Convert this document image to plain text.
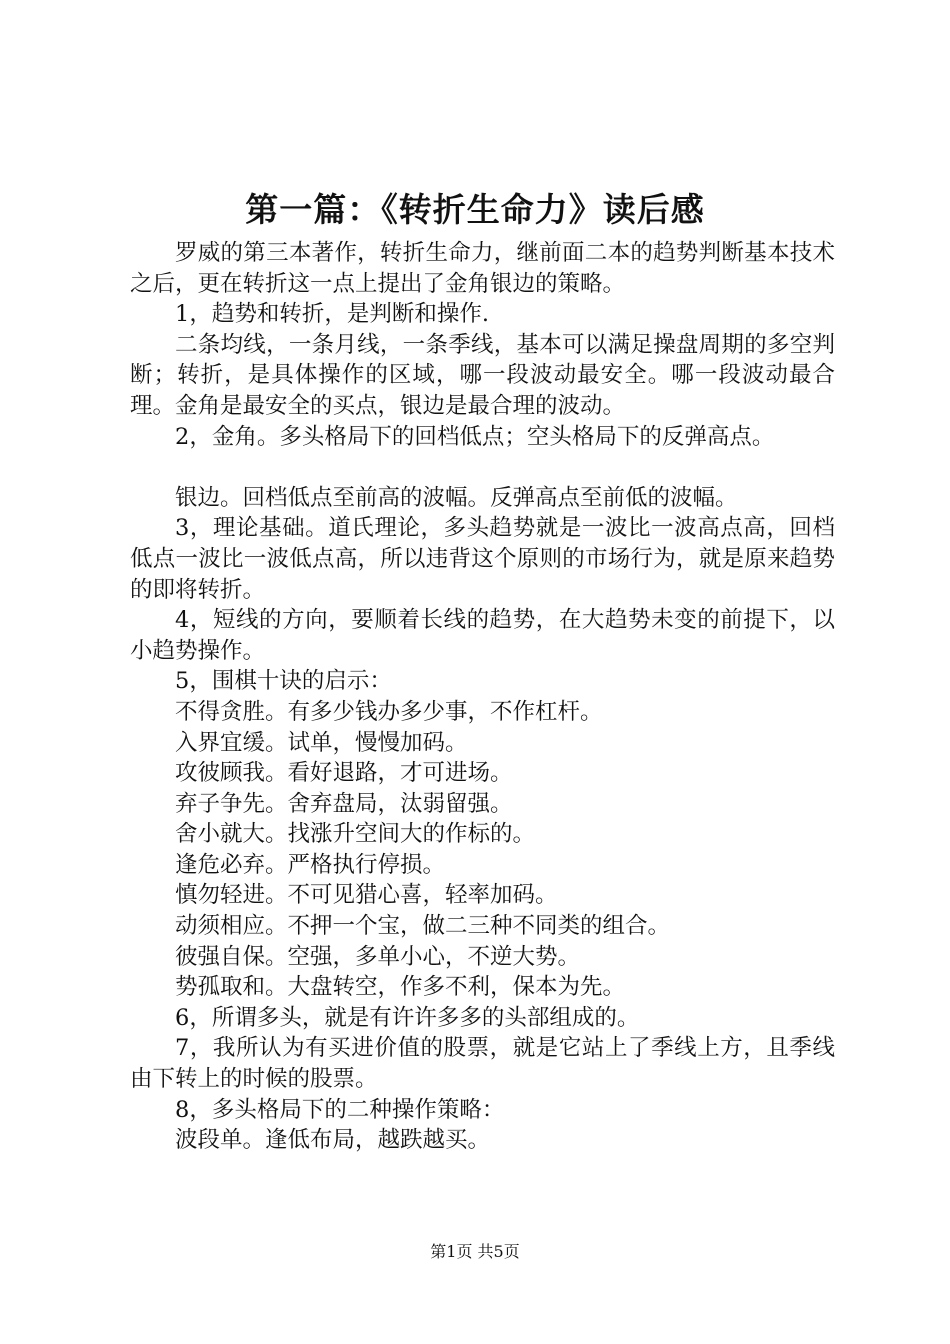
第一篇：《转折生命力》读后感

罗威的第三本著作，转折生命力，继前面二本的趋势判断基本技术之后，更在转折这一点上提出了金角银边的策略。

1，趋势和转折，是判断和操作.

二条均线，一条月线，一条季线，基本可以满足操盘周期的多空判断；转折，是具体操作的区域，哪一段波动最安全。哪一段波动最合理。金角是最安全的买点，银边是最合理的波动。

2，金角。多头格局下的回档低点；空头格局下的反弹高点。

银边。回档低点至前高的波幅。反弹高点至前低的波幅。

3，理论基础。道氏理论，多头趋势就是一波比一波高点高，回档低点一波比一波低点高，所以违背这个原则的市场行为，就是原来趋势的即将转折。

4，短线的方向，要顺着长线的趋势，在大趋势未变的前提下，以小趋势操作。

5，围棋十诀的启示：

不得贪胜。有多少钱办多少事，不作杠杆。

入界宜缓。试单，慢慢加码。

攻彼顾我。看好退路，才可进场。

弃子争先。舍弃盘局，汰弱留强。

舍小就大。找涨升空间大的作标的。

逢危必弃。严格执行停损。

慎勿轻进。不可见猎心喜，轻率加码。

动须相应。不押一个宝，做二三种不同类的组合。

彼强自保。空强，多单小心，不逆大势。

势孤取和。大盘转空，作多不利，保本为先。

6，所谓多头，就是有许许多多的头部组成的。

7，我所认为有买进价值的股票，就是它站上了季线上方，且季线由下转上的时候的股票。

8，多头格局下的二种操作策略：

波段单。逢低布局，越跌越买。

第1页 共5页
